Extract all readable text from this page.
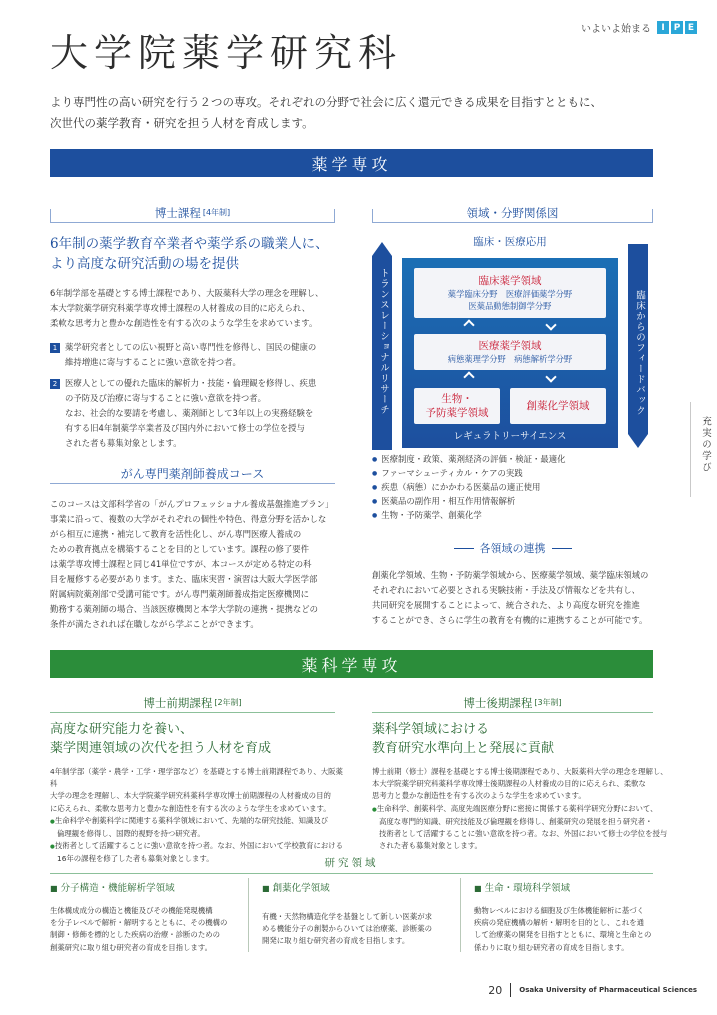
いよいよ始まる	I	P E
大学院薬学研究科
より専門性の高い研究を行う２つの専攻。それぞれの分野で社会に広く還元できる成果を目指すとともに、
次世代の薬学教育・研究を担う人材を育成します。
薬学専攻
博士課程 [4年制]
6年制の薬学教育卒業者や薬学系の職業人に、
より高度な研究活動の場を提供
6年制学部を基礎とする博士課程であり、大阪薬科大学の理念を理解し、
本大学院薬学研究科薬学専攻博士課程の人材養成の目的に応えられ、
柔軟な思考力と豊かな創造性を有する次のような学生を求めています。
1 薬学研究者としての広い視野と高い専門性を修得し、国民の健康の
維持増進に寄与することに強い意欲を持つ者。
2 医療人としての優れた臨床的解析力・技能・倫理観を修得し、疾患
の予防及び治療に寄与することに強い意欲を持つ者。
なお、社会的な要請を考慮し、薬剤師として3年以上の実務経験を
有する旧4年制薬学卒業者及び国内外において修士の学位を授与
された者も募集対象とします。
がん専門薬剤師養成コース
このコースは文部科学省の「がんプロフェッショナル養成基盤推進プラン」
事業に沿って、複数の大学がそれぞれの個性や特色、得意分野を活かしな
がら相互に連携・補完して教育を活性化し、がん専門医療人養成の
ための教育拠点を構築することを目的としています。課程の修了要件
は薬学専攻博士課程と同じ41単位ですが、本コースが定める特定の科
目を履修する必要があります。また、臨床実習・演習は大阪大学医学部
附属病院薬剤部で受講可能です。がん専門薬剤師養成指定医療機関に
勤務する薬剤師の場合、当該医療機関と本学大学院の連携・提携などの
条件が満たされれば在職しながら学ぶことができます。
領域・分野関係図
臨床・医療応用
トランスレーショナルリサーチ	臨床からのフィードバック
臨床薬学領域
薬学臨床分野　医療評価薬学分野
医薬品動態制御学分野
医療薬学領域
病態薬理学分野　病態解析学分野
生物・
予防薬学領域
創薬化学領域
レギュラトリーサイエンス
● 医療制度・政策、薬剤経済の評価・検証・最適化
● ファーマシューティカル・ケアの実践
● 疾患（病態）にかかわる医薬品の適正使用
● 医薬品の副作用・相互作用情報解析
● 生物・予防薬学、創薬化学
各領域の連携
創薬化学領域、生物・予防薬学領域から、医療薬学領域、薬学臨床領域の
それぞれにおいて必要とされる実験技術・手法及び情報などを共有し、
共同研究を展開することによって、統合された、より高度な研究を推進
することができ、さらに学生の教育を有機的に連携することが可能です。
薬科学専攻
博士前期課程 [2年制]
高度な研究能力を養い、
薬学関連領域の次代を担う人材を育成
4年制学部（薬学・農学・工学・理学部など）を基礎とする博士前期課程であり、大阪薬科
大学の理念を理解し、本大学院薬学研究科薬科学専攻博士前期課程の人材養成の目的
に応えられ、柔軟な思考力と豊かな創造性を有する次のような学生を求めています。
● 生命科学や創薬科学に関連する薬科学領域において、先端的な研究技能、知識及び
倫理観を修得し、国際的視野を持つ研究者。
● 技術者として活躍することに強い意欲を持つ者。なお、外国において学校教育における
16年の課程を修了した者も募集対象とします。
博士後期課程 [3年制]
薬科学領域における
教育研究水準向上と発展に貢献
博士前期（修士）課程を基礎とする博士後期課程であり、大阪薬科大学の理念を理解し、
本大学院薬学研究科薬科学専攻博士後期課程の人材養成の目的に応えられ、柔軟な
思考力と豊かな創造性を有する次のような学生を求めています。
● 生命科学、創薬科学、高度先端医療分野に密接に関係する薬科学研究分野において、
高度な専門的知識、研究技能及び倫理観を修得し、創薬研究の発展を担う研究者・
技術者として活躍することに強い意欲を持つ者。なお、外国において修士の学位を授与
された者も募集対象とします。
研究領域
■ 分子構造・機能解析学領域
生体構成成分の構造と機能及びその機能発現機構
を分子レベルで解析・解明するとともに、その機構の
制御・修飾を標的とした疾病の治療・診断のための
創薬研究に取り組む研究者の育成を目指します。
■ 創薬化学領域
有機・天然物構造化学を基盤として新しい医薬が求
める機能分子の創製からひいては治療薬、診断薬の
開発に取り組む研究者の育成を目指します。
■ 生命・環境科学領域
動物レベルにおける細胞及び生体機能解析に基づく
疾病の発症機構の解析・解明を目的とし、これを通
して治療薬の開発を目指すとともに、環境と生命との
係わりに取り組む研究者の育成を目指します。
充実の学び
20 Osaka University of Pharmaceutical Sciences
